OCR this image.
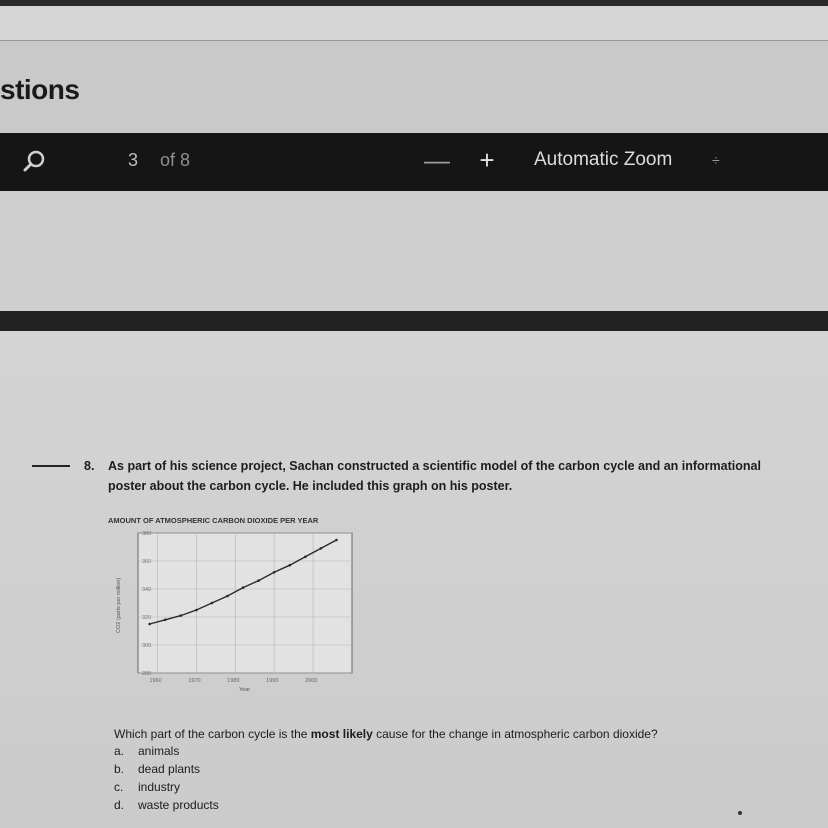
stions
3 of 8	—	+	Automatic Zoom	÷
8. As part of his science project, Sachan constructed a scientific model of the carbon cycle and an informational
poster about the carbon cycle. He included this graph on his poster.
AMOUNT OF ATMOSPHERIC CARBON DIOXIDE PER YEAR
280
300
320
340
360
380
1960	1970	1980	1990	2000
Year
CO2 (parts per million)
Which part of the carbon cycle is the most likely cause for the change in atmospheric carbon dioxide?
a. animals
b. dead plants
c. industry
d. waste products
